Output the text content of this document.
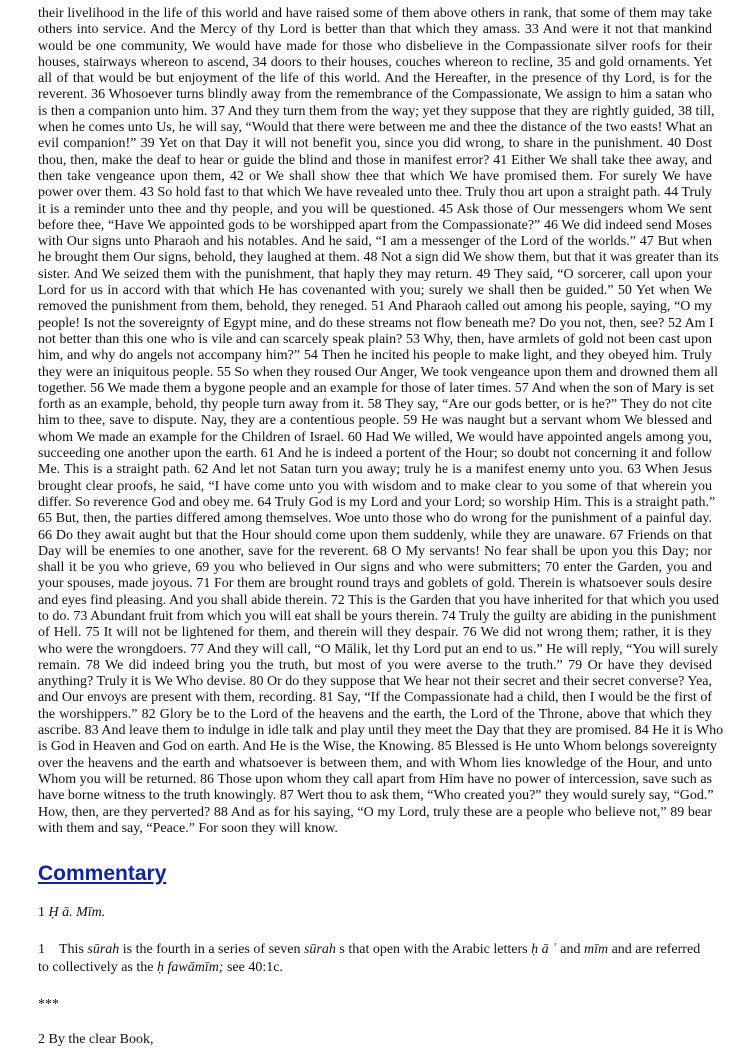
their livelihood in the life of this world and have raised some of them above others in rank, that some of them may take
others into service. And the Mercy of thy Lord is better than that which they amass. 33 And were it not that mankind
would be one community, We would have made for those who disbelieve in the Compassionate silver roofs for their
houses, stairways whereon to ascend, 34 doors to their houses, couches whereon to recline, 35 and gold ornaments. Yet
all of that would be but enjoyment of the life of this world. And the Hereafter, in the presence of thy Lord, is for the
reverent. 36 Whosoever turns blindly away from the remembrance of the Compassionate, We assign to him a satan who
is then a companion unto him. 37 And they turn them from the way; yet they suppose that they are rightly guided, 38 till,
when he comes unto Us, he will say, “Would that there were between me and thee the distance of the two easts! What an
evil companion!” 39 Yet on that Day it will not benefit you, since you did wrong, to share in the punishment. 40 Dost
thou, then, make the deaf to hear or guide the blind and those in manifest error? 41 Either We shall take thee away, and
then take vengeance upon them, 42 or We shall show thee that which We have promised them. For surely We have
power over them. 43 So hold fast to that which We have revealed unto thee. Truly thou art upon a straight path. 44 Truly
it is a reminder unto thee and thy people, and you will be questioned. 45 Ask those of Our messengers whom We sent
before thee, “Have We appointed gods to be worshipped apart from the Compassionate?” 46 We did indeed send Moses
with Our signs unto Pharaoh and his notables. And he said, “I am a messenger of the Lord of the worlds.” 47 But when
he brought them Our signs, behold, they laughed at them. 48 Not a sign did We show them, but that it was greater than its
sister. And We seized them with the punishment, that haply they may return. 49 They said, “O sorcerer, call upon your
Lord for us in accord with that which He has covenanted with you; surely we shall then be guided.” 50 Yet when We
removed the punishment from them, behold, they reneged. 51 And Pharaoh called out among his people, saying, “O my
people! Is not the sovereignty of Egypt mine, and do these streams not flow beneath me? Do you not, then, see? 52 Am I
not better than this one who is vile and can scarcely speak plain? 53 Why, then, have armlets of gold not been cast upon
him, and why do angels not accompany him?” 54 Then he incited his people to make light, and they obeyed him. Truly
they were an iniquitous people. 55 So when they roused Our Anger, We took vengeance upon them and drowned them all
together. 56 We made them a bygone people and an example for those of later times. 57 And when the son of Mary is set
forth as an example, behold, thy people turn away from it. 58 They say, “Are our gods better, or is he?” They do not cite
him to thee, save to dispute. Nay, they are a contentious people. 59 He was naught but a servant whom We blessed and
whom We made an example for the Children of Israel. 60 Had We willed, We would have appointed angels among you,
succeeding one another upon the earth. 61 And he is indeed a portent of the Hour; so doubt not concerning it and follow
Me. This is a straight path. 62 And let not Satan turn you away; truly he is a manifest enemy unto you. 63 When Jesus
brought clear proofs, he said, “I have come unto you with wisdom and to make clear to you some of that wherein you
differ. So reverence God and obey me. 64 Truly God is my Lord and your Lord; so worship Him. This is a straight path.”
65 But, then, the parties differed among themselves. Woe unto those who do wrong for the punishment of a painful day.
66 Do they await aught but that the Hour should come upon them suddenly, while they are unaware. 67 Friends on that
Day will be enemies to one another, save for the reverent. 68 O My servants! No fear shall be upon you this Day; nor
shall it be you who grieve, 69 you who believed in Our signs and who were submitters; 70 enter the Garden, you and
your spouses, made joyous. 71 For them are brought round trays and goblets of gold. Therein is whatsoever souls desire
and eyes find pleasing. And you shall abide therein. 72 This is the Garden that you have inherited for that which you used
to do. 73 Abundant fruit from which you will eat shall be yours therein. 74 Truly the guilty are abiding in the punishment
of Hell. 75 It will not be lightened for them, and therein will they despair. 76 We did not wrong them; rather, it is they
who were the wrongdoers. 77 And they will call, “O Mālik, let thy Lord put an end to us.” He will reply, “You will surely
remain. 78 We did indeed bring you the truth, but most of you were averse to the truth.” 79 Or have they devised
anything? Truly it is We Who devise. 80 Or do they suppose that We hear not their secret and their secret converse? Yea,
and Our envoys are present with them, recording. 81 Say, “If the Compassionate had a child, then I would be the first of
the worshippers.” 82 Glory be to the Lord of the heavens and the earth, the Lord of the Throne, above that which they
ascribe. 83 And leave them to indulge in idle talk and play until they meet the Day that they are promised. 84 He it is Who
is God in Heaven and God on earth. And He is the Wise, the Knowing. 85 Blessed is He unto Whom belongs sovereignty
over the heavens and the earth and whatsoever is between them, and with Whom lies knowledge of the Hour, and unto
Whom you will be returned. 86 Those upon whom they call apart from Him have no power of intercession, save such as
have borne witness to the truth knowingly. 87 Wert thou to ask them, “Who created you?” they would surely say, “God.”
How, then, are they perverted? 88 And as for his saying, “O my Lord, truly these are a people who believe not,” 89 bear
with them and say, “Peace.” For soon they will know.
Commentary
1 Ḥ ā. Mīm.
1 This sūrah is the fourth in a series of seven sūrah s that open with the Arabic letters ḥ ā ʾ and mīm and are referred to collectively as the ḥ fawāmīm; see 40:1c.
***
2 By the clear Book,
